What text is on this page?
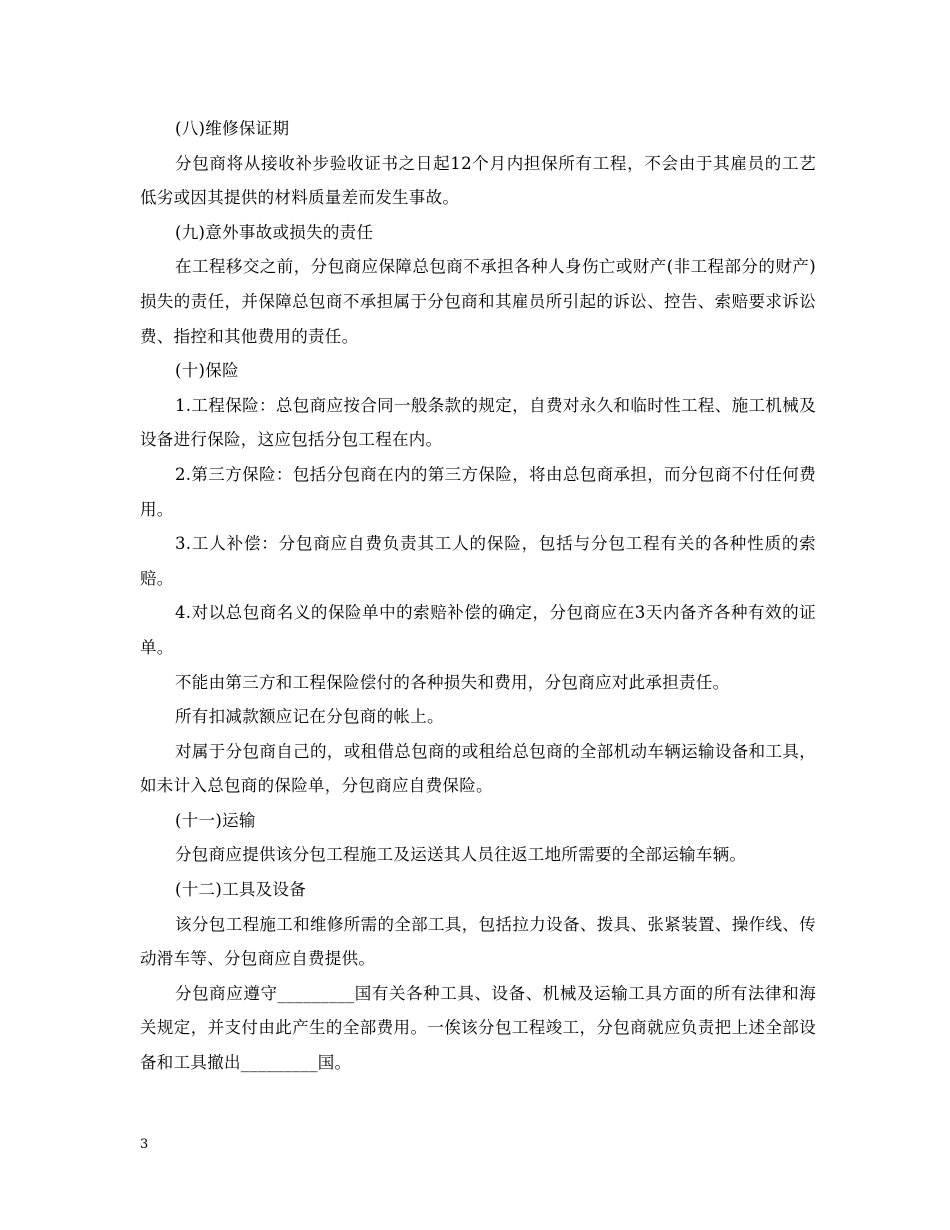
(八)维修保证期

分包商将从接收补步验收证书之日起12个月内担保所有工程，不会由于其雇员的工艺低劣或因其提供的材料质量差而发生事故。

(九)意外事故或损失的责任

在工程移交之前，分包商应保障总包商不承担各种人身伤亡或财产(非工程部分的财产)损失的责任，并保障总包商不承担属于分包商和其雇员所引起的诉讼、控告、索赔要求诉讼费、指控和其他费用的责任。

(十)保险

1.工程保险：总包商应按合同一般条款的规定，自费对永久和临时性工程、施工机械及设备进行保险，这应包括分包工程在内。

2.第三方保险：包括分包商在内的第三方保险，将由总包商承担，而分包商不付任何费用。

3.工人补偿：分包商应自费负责其工人的保险，包括与分包工程有关的各种性质的索赔。

4.对以总包商名义的保险单中的索赔补偿的确定，分包商应在3天内备齐各种有效的证单。

不能由第三方和工程保险偿付的各种损失和费用，分包商应对此承担责任。

所有扣减款额应记在分包商的帐上。

对属于分包商自己的，或租借总包商的或租给总包商的全部机动车辆运输设备和工具，如未计入总包商的保险单，分包商应自费保险。

(十一)运输

分包商应提供该分包工程施工及运送其人员往返工地所需要的全部运输车辆。

(十二)工具及设备

该分包工程施工和维修所需的全部工具，包括拉力设备、拨具、张紧装置、操作线、传动滑车等、分包商应自费提供。

分包商应遵守_________国有关各种工具、设备、机械及运输工具方面的所有法律和海关规定，并支付由此产生的全部费用。一俟该分包工程竣工，分包商就应负责把上述全部设备和工具撤出_________国。

3
